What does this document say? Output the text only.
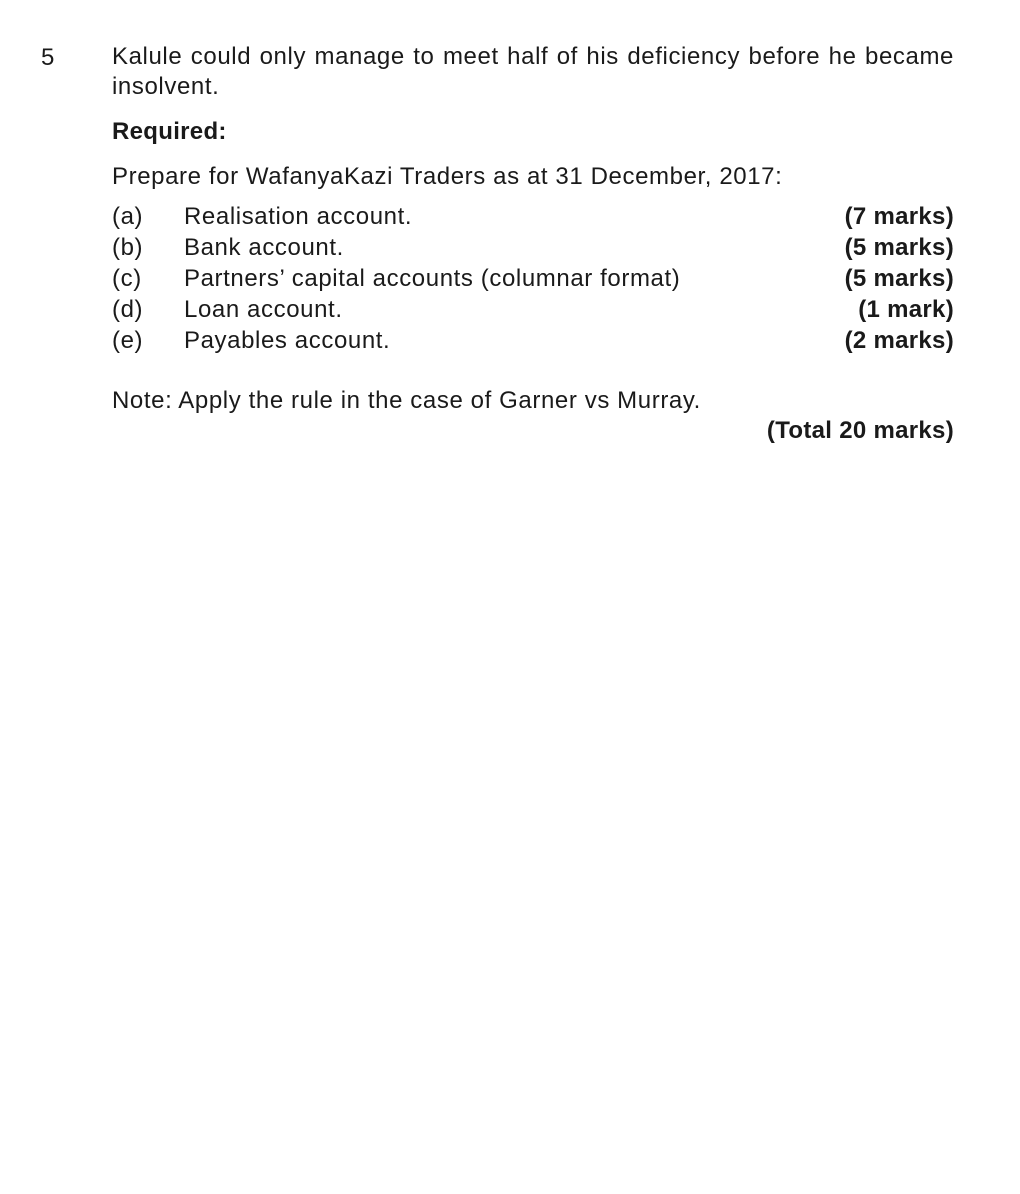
5 Kalule could only manage to meet half of his deficiency before he became insolvent.
Required:
Prepare for WafanyaKazi Traders as at 31 December, 2017:
(a)	Realisation account.	(7 marks)
(b)	Bank account.	(5 marks)
(c)	Partners’ capital accounts (columnar format)	(5 marks)
(d)	Loan account.	(1 mark)
(e)	Payables account.	(2 marks)
Note: Apply the rule in the case of Garner vs Murray.
(Total 20 marks)
